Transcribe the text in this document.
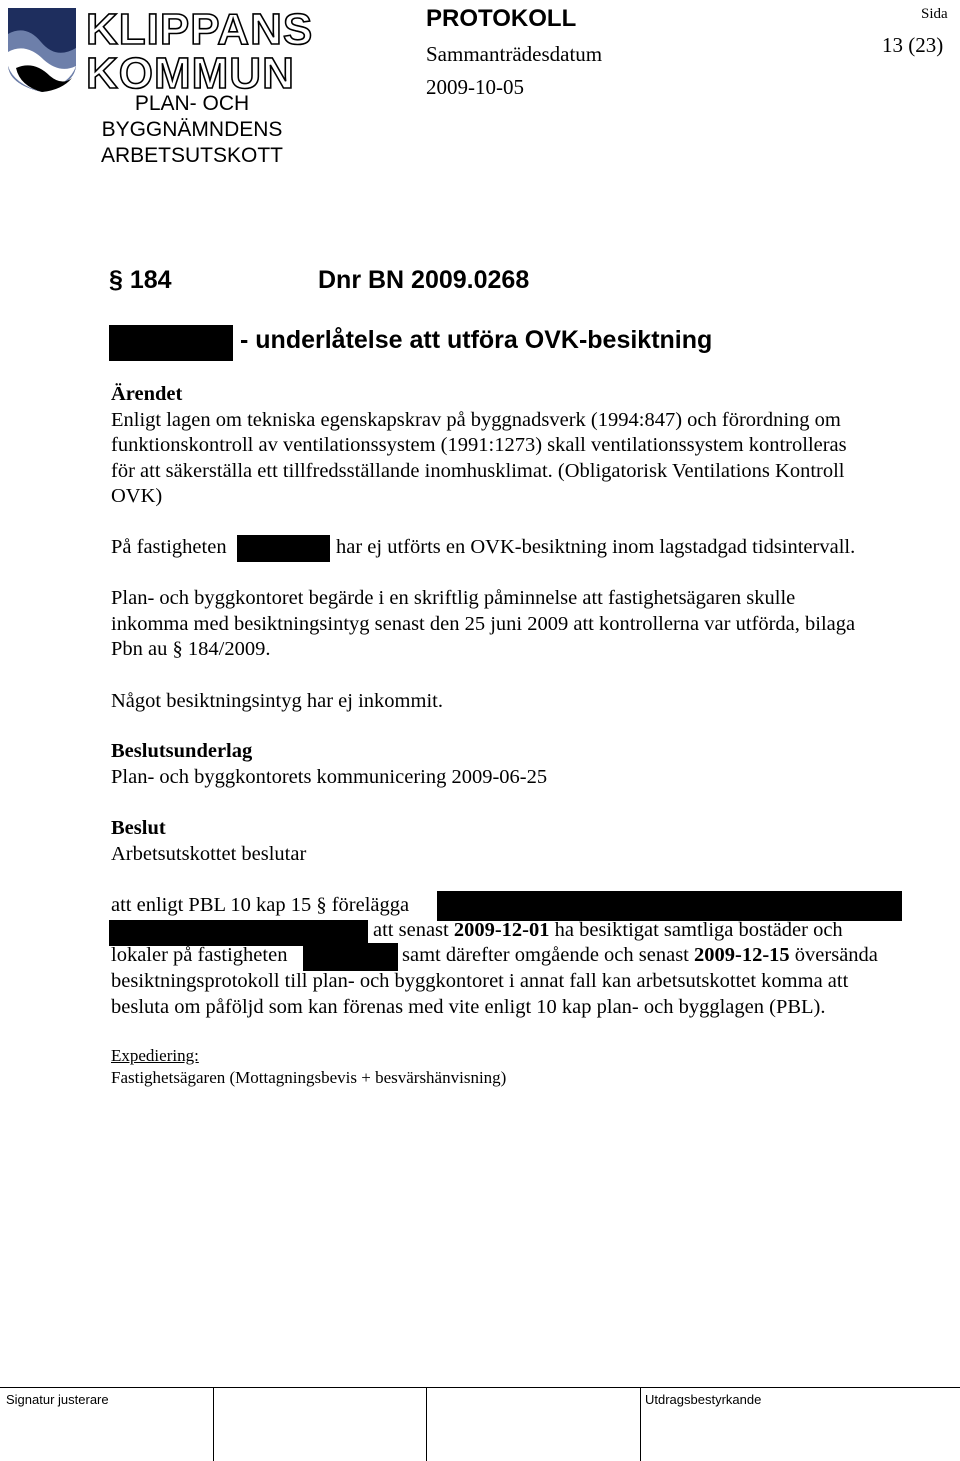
KLIPPANS
KOMMUN
PLAN- OCH
BYGGNÄMNDENS
ARBETSUTSKOTT
PROTOKOLL
Sammanträdesdatum
2009-10-05
Sida
13 (23)
§ 184	Dnr BN 2009.0268
- underlåtelse att utföra OVK-besiktning
Ärendet
Enligt lagen om tekniska egenskapskrav på byggnadsverk (1994:847) och förordning om
funktionskontroll av ventilationssystem (1991:1273) skall ventilationssystem kontrolleras
för att säkerställa ett tillfredsställande inomhusklimat. (Obligatorisk Ventilations Kontroll
OVK)
På fastigheten	har ej utförts en OVK-besiktning inom lagstadgad tidsintervall.
Plan- och byggkontoret begärde i en skriftlig påminnelse att fastighetsägaren skulle
inkomma med besiktningsintyg senast den 25 juni 2009 att kontrollerna var utförda, bilaga
Pbn au § 184/2009.
Något besiktningsintyg har ej inkommit.
Beslutsunderlag
Plan- och byggkontorets kommunicering 2009-06-25
Beslut
Arbetsutskottet beslutar
att enligt PBL 10 kap 15 § förelägga
att senast 2009-12-01 ha besiktigat samtliga bostäder och
lokaler på fastigheten	samt därefter omgående och senast 2009-12-15 översända
besiktningsprotokoll till plan- och byggkontoret i annat fall kan arbetsutskottet komma att
besluta om påföljd som kan förenas med vite enligt 10 kap plan- och bygglagen (PBL).
Expediering:
Fastighetsägaren (Mottagningsbevis + besvärshänvisning)
Signatur justerare	Utdragsbestyrkande
